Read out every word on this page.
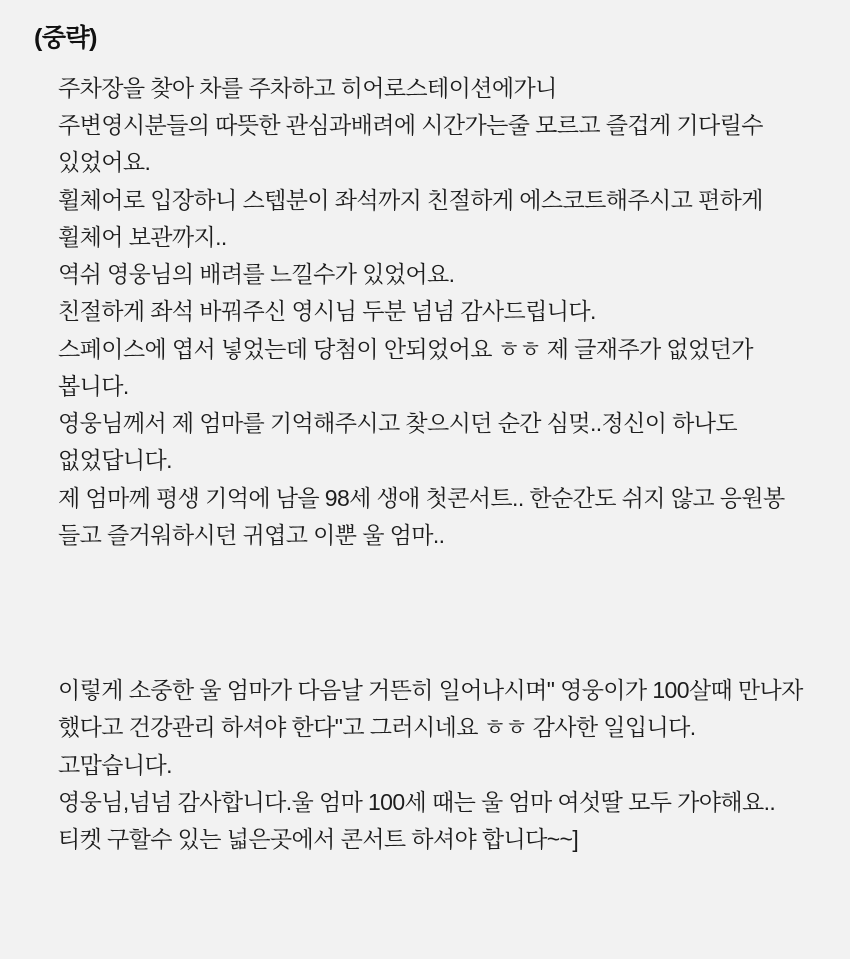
(중략)

주차장을 찾아 차를 주차하고 히어로스테이션에가니

주변영시분들의 따뜻한 관심과배려에 시간가는줄 모르고 즐겁게 기다릴수 있었어요.

휠체어로 입장하니 스텝분이 좌석까지 친절하게 에스코트해주시고 편하게 휠체어 보관까지..

역쉬 영웅님의 배려를 느낄수가 있었어요.

친절하게 좌석 바꿔주신 영시님 두분 넘넘 감사드립니다.

스페이스에 엽서 넣었는데 당첨이 안되었어요 ㅎㅎ 제 글재주가 없었던가 봅니다.

영웅님께서 제 엄마를 기억해주시고 찾으시던 순간 심멎..정신이 하나도 없었답니다.

제 엄마께 평생 기억에 남을 98세 생애 첫콘서트.. 한순간도 쉬지 않고 응원봉 들고 즐거워하시던 귀엽고 이뿐 울 엄마..

이렇게 소중한 울 엄마가 다음날 거뜬히 일어나시며" 영웅이가 100살때 만나자 했다고 건강관리 하셔야 한다"고 그러시네요 ㅎㅎ 감사한 일입니다.

고맙습니다.

영웅님,넘넘 감사합니다.울 엄마 100세 때는 울 엄마 여섯딸 모두 가야해요..

티켓 구할수 있는 넓은곳에서 콘서트 하셔야 합니다~~]
